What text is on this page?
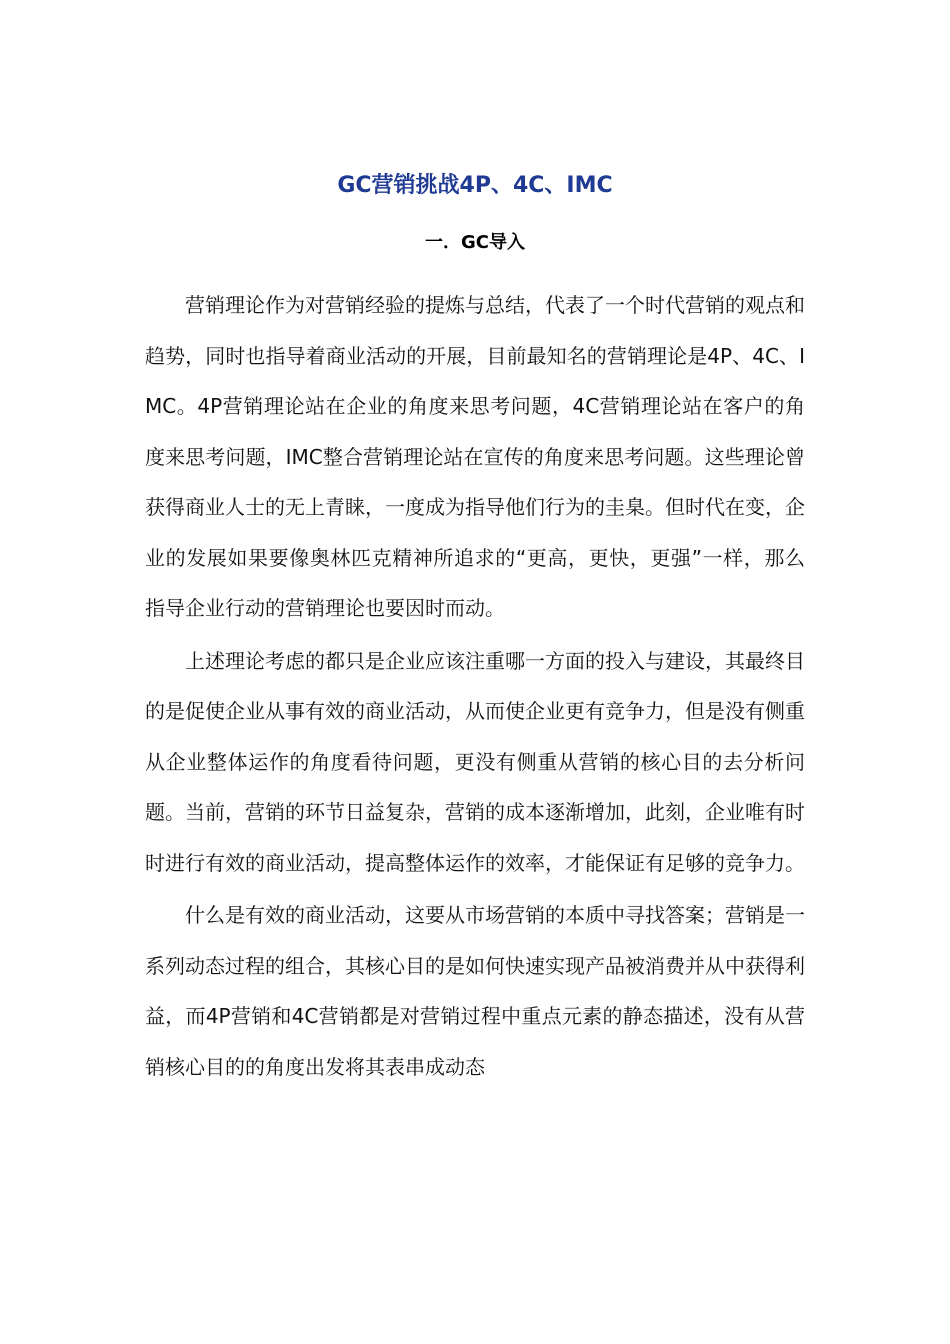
GC营销挑战4P、4C、IMC
一．GC导入

营销理论作为对营销经验的提炼与总结，代表了一个时代营销的观点和趋势，同时也指导着商业活动的开展，目前最知名的营销理论是4P、4C、IMC。4P营销理论站在企业的角度来思考问题，4C营销理论站在客户的角度来思考问题，IMC整合营销理论站在宣传的角度来思考问题。这些理论曾获得商业人士的无上青睐，一度成为指导他们行为的圭臬。但时代在变，企业的发展如果要像奥林匹克精神所追求的“更高，更快，更强”一样，那么指导企业行动的营销理论也要因时而动。

上述理论考虑的都只是企业应该注重哪一方面的投入与建设，其最终目的是促使企业从事有效的商业活动，从而使企业更有竞争力，但是没有侧重从企业整体运作的角度看待问题，更没有侧重从营销的核心目的去分析问题。当前，营销的环节日益复杂，营销的成本逐渐增加，此刻，企业唯有时时进行有效的商业活动，提高整体运作的效率，才能保证有足够的竞争力。

什么是有效的商业活动，这要从市场营销的本质中寻找答案；营销是一系列动态过程的组合，其核心目的是如何快速实现产品被消费并从中获得利益，而4P营销和4C营销都是对营销过程中重点元素的静态描述，没有从营销核心目的的角度出发将其表串成动态
